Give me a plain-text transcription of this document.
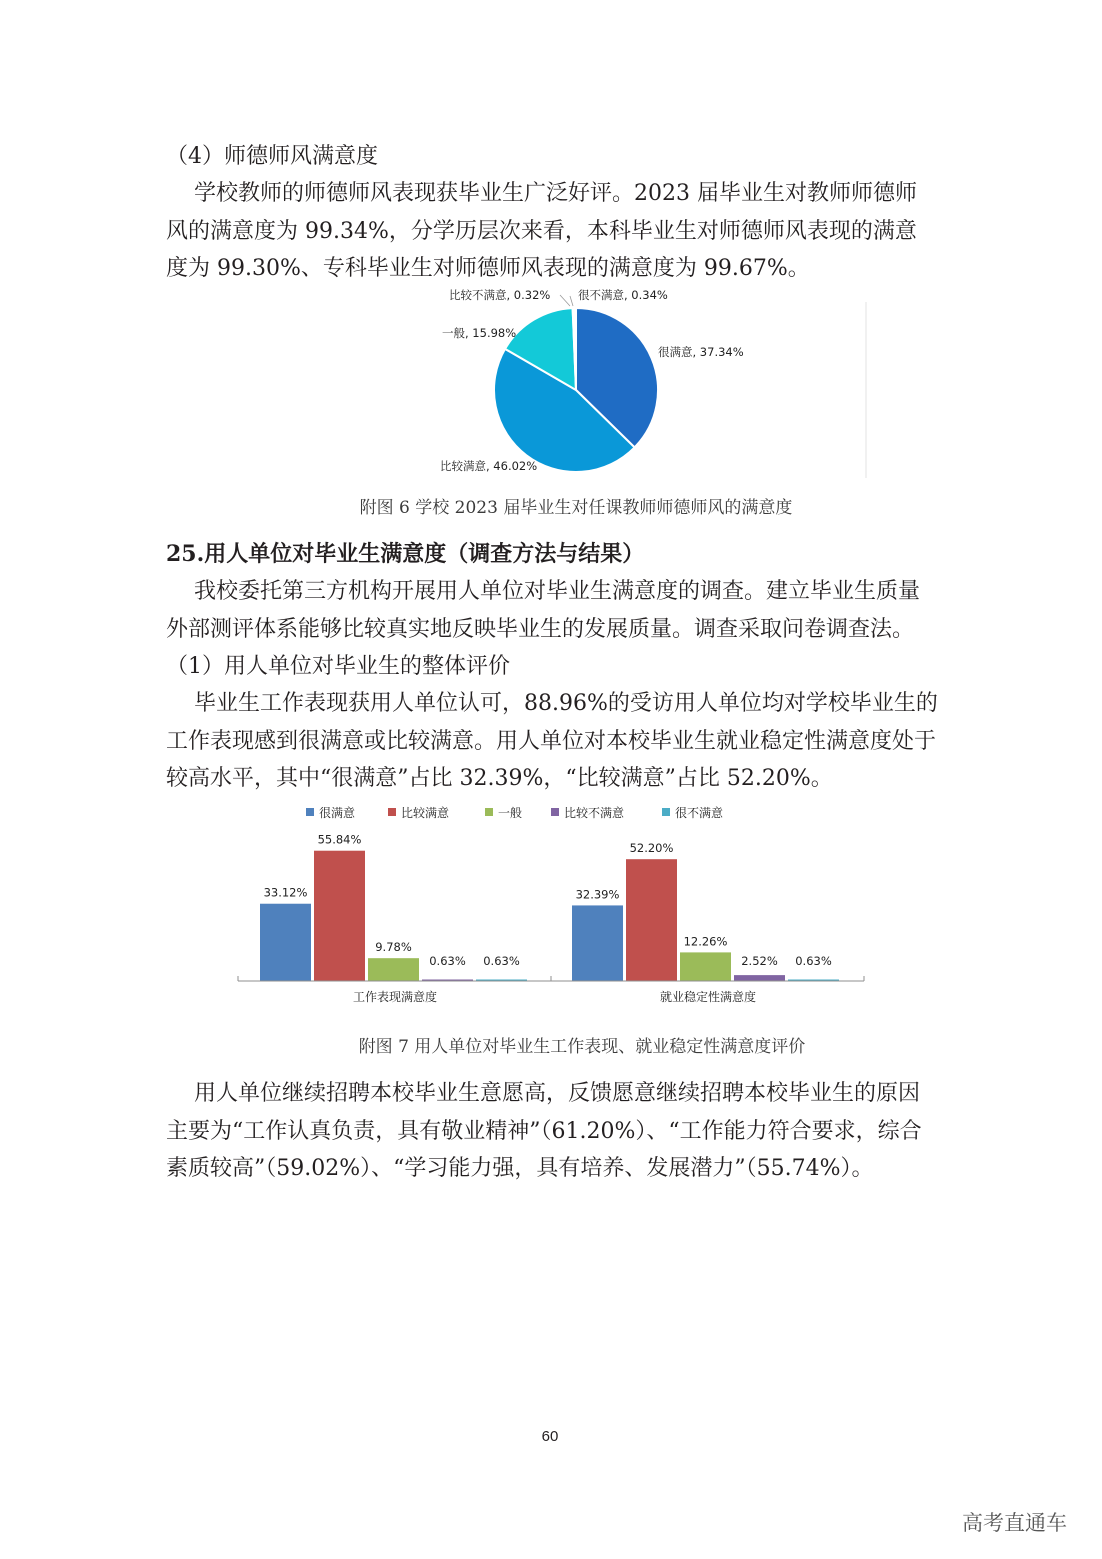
（4）师德师风满意度

学校教师的师德师风表现获毕业生广泛好评。2023 届毕业生对教师师德师风的满意度为 99.34%，分学历层次来看，本科毕业生对师德师风表现的满意度为 99.30%、专科毕业生对师德师风表现的满意度为 99.67%。

很满意, 37.34%
比较满意, 46.02%
一般, 15.98%
比较不满意, 0.32% 很不满意, 0.34%

附图 6 学校 2023 届毕业生对任课教师师德师风的满意度

25.用人单位对毕业生满意度（调查方法与结果）

我校委托第三方机构开展用人单位对毕业生满意度的调查。建立毕业生质量外部测评体系能够比较真实地反映毕业生的发展质量。调查采取问卷调查法。

（1）用人单位对毕业生的整体评价

毕业生工作表现获用人单位认可，88.96%的受访用人单位均对学校毕业生的工作表现感到很满意或比较满意。用人单位对本校毕业生就业稳定性满意度处于较高水平，其中“很满意”占比 32.39%，“比较满意”占比 52.20%。

很满意	比较满意	一般	比较不满意	很不满意
33.12%
55.84%
9.78%
0.63% 0.63%
32.39%
52.20%
12.26%
2.52% 0.63%
工作表现满意度	就业稳定性满意度

附图 7 用人单位对毕业生工作表现、就业稳定性满意度评价

用人单位继续招聘本校毕业生意愿高，反馈愿意继续招聘本校毕业生的原因主要为“工作认真负责，具有敬业精神”（61.20%）、“工作能力符合要求，综合素质较高”（59.02%）、“学习能力强，具有培养、发展潜力”（55.74%）。

60

高考直通车
